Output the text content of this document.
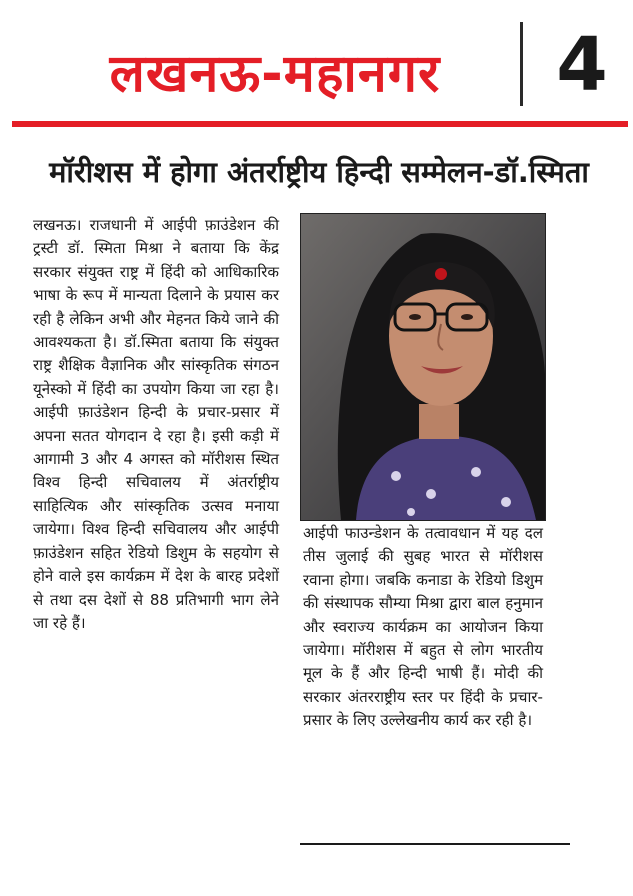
लखनऊ-महानगर	4
मॉरीशस में होगा अंतर्राष्ट्रीय हिन्दी सम्मेलन-डॉ.स्मिता

लखनऊ। राजधानी में आईपी फ़ाउंडेशन की ट्रस्टी डॉ. स्मिता मिश्रा ने बताया कि केंद्र सरकार संयुक्त राष्ट्र में हिंदी को आधिकारिक भाषा के रूप में मान्यता दिलाने के प्रयास कर रही है लेकिन अभी और मेहनत किये जाने की आवश्यकता है। डॉ.स्मिता बताया कि संयुक्त राष्ट्र शैक्षिक वैज्ञानिक और सांस्कृतिक संगठन यूनेस्को में हिंदी का उपयोग किया जा रहा है।आईपी फ़ाउंडेशन हिन्दी के प्रचार-प्रसार में अपना सतत योगदान दे रहा है। इसी कड़ी में आगामी 3 और 4 अगस्त को मॉरीशस स्थित विश्व हिन्दी सचिवालय में अंतर्राष्ट्रीय साहित्यिक और सांस्कृतिक उत्सव मनाया जायेगा। विश्व हिन्दी सचिवालय और आईपी फ़ाउंडेशन सहित रेडियो डिशुम के सहयोग से होने वाले इस कार्यक्रम में देश के बारह प्रदेशों से तथा दस देशों से 88 प्रतिभागी भाग लेने जा रहे हैं।

आईपी फाउन्डेशन के तत्वावधान में यह दल तीस जुलाई की सुबह भारत से मॉरीशस रवाना होगा। जबकि कनाडा के रेडियो डिशुम की संस्थापक सौम्या मिश्रा द्वारा बाल हनुमान और स्वराज्य कार्यक्रम का आयोजन किया जायेगा। मॉरीशस में बहुत से लोग भारतीय मूल के हैं और हिन्दी भाषी हैं। मोदी की सरकार अंतरराष्ट्रीय स्तर पर हिंदी के प्रचार-प्रसार के लिए उल्लेखनीय कार्य कर रही है।
